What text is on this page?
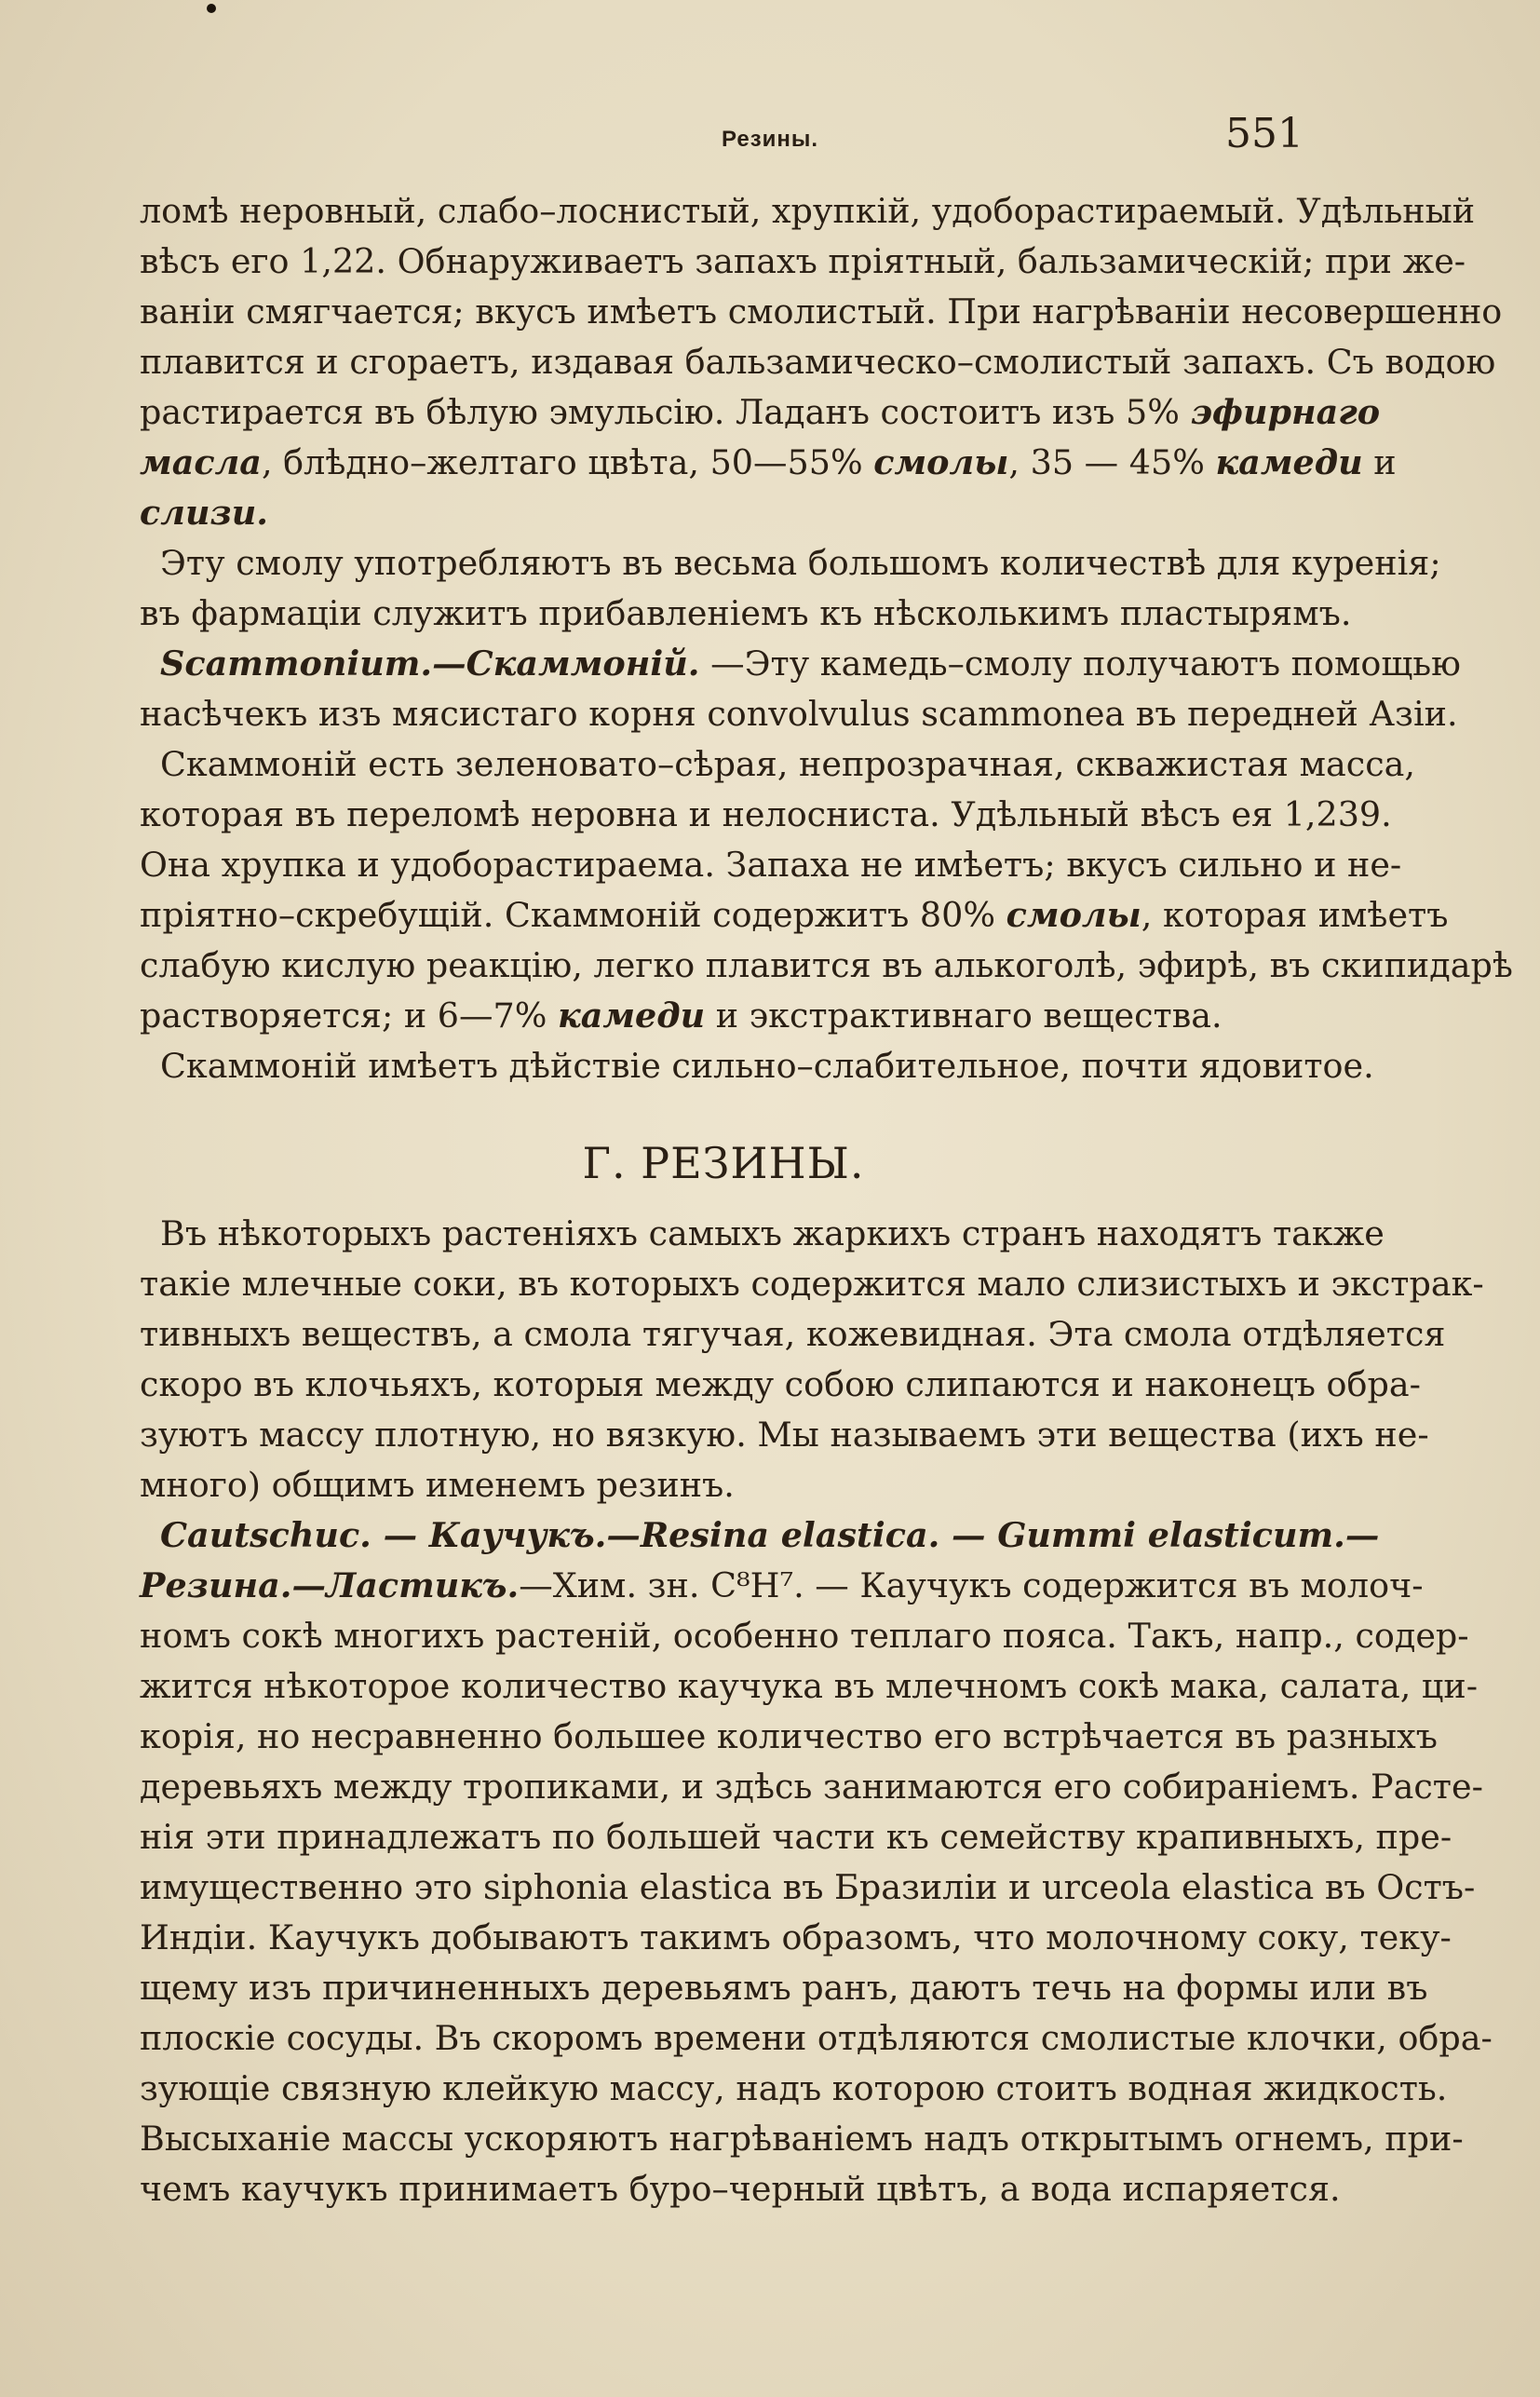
Резины.	551
ломѣ неровный, слабо–лоснистый, хрупкій, удоборастираемый. Удѣльный
вѣсъ его 1,22. Обнаруживаетъ запахъ пріятный, бальзамическій; при же-
ваніи смягчается; вкусъ имѣетъ смолистый. При нагрѣваніи несовершенно
плавится и сгораетъ, издавая бальзамическо–смолистый запахъ. Съ водою
растирается въ бѣлую эмульсію. Ладанъ состоитъ изъ 5% эфирнаго
масла, блѣдно–желтаго цвѣта, 50—55% смолы, 35 — 45% камеди и
слизи.
Эту смолу употребляютъ въ весьма большомъ количествѣ для куренія;
въ фармаціи служитъ прибавленіемъ къ нѣсколькимъ пластырямъ.
Scammonium.—Скаммоній. —Эту камедь–смолу получаютъ помощью
насѣчекъ изъ мясистаго корня convolvulus scammonea въ передней Азіи.
Скаммоній есть зеленовато–сѣрая, непрозрачная, скважистая масса,
которая въ переломѣ неровна и нелосниста. Удѣльный вѣсъ ея 1,239.
Она хрупка и удоборастираема. Запаха не имѣетъ; вкусъ сильно и не-
пріятно–скребущій. Скаммоній содержитъ 80% смолы, которая имѣетъ
слабую кислую реакцію, легко плавится въ алькоголѣ, эфирѣ, въ скипидарѣ
растворяется; и 6—7% камеди и экстрактивнаго вещества.
Скаммоній имѣетъ дѣйствіе сильно–слабительное, почти ядовитое.
Г. РЕЗИНЫ.
Въ нѣкоторыхъ растеніяхъ самыхъ жаркихъ странъ находятъ также
такіе млечные соки, въ которыхъ содержится мало слизистыхъ и экстрак-
тивныхъ веществъ, а смола тягучая, кожевидная. Эта смола отдѣляется
скоро въ клочьяхъ, которыя между собою слипаются и наконецъ обра-
зуютъ массу плотную, но вязкую. Мы называемъ эти вещества (ихъ не-
много) общимъ именемъ резинъ.
Cautschuc. — Каучукъ.—Resina elastica. — Gummi elasticum.—
Резина.—Ластикъ.—Хим. зн. C⁸H⁷. — Каучукъ содержится въ молоч-
номъ сокѣ многихъ растеній, особенно теплаго пояса. Такъ, напр., содер-
жится нѣкоторое количество каучука въ млечномъ сокѣ мака, салата, ци-
корія, но несравненно большее количество его встрѣчается въ разныхъ
деревьяхъ между тропиками, и здѣсь занимаются его собираніемъ. Расте-
нія эти принадлежатъ по большей части къ семейству крапивныхъ, пре-
имущественно это siphonia elastica въ Бразиліи и urceola elastica въ Остъ-
Индіи. Каучукъ добываютъ такимъ образомъ, что молочному соку, теку-
щему изъ причиненныхъ деревьямъ ранъ, даютъ течь на формы или въ
плоскіе сосуды. Въ скоромъ времени отдѣляются смолистые клочки, обра-
зующіе связную клейкую массу, надъ которою стоитъ водная жидкость.
Высыханіе массы ускоряютъ нагрѣваніемъ надъ открытымъ огнемъ, при-
чемъ каучукъ принимаетъ буро–черный цвѣтъ, а вода испаряется.
